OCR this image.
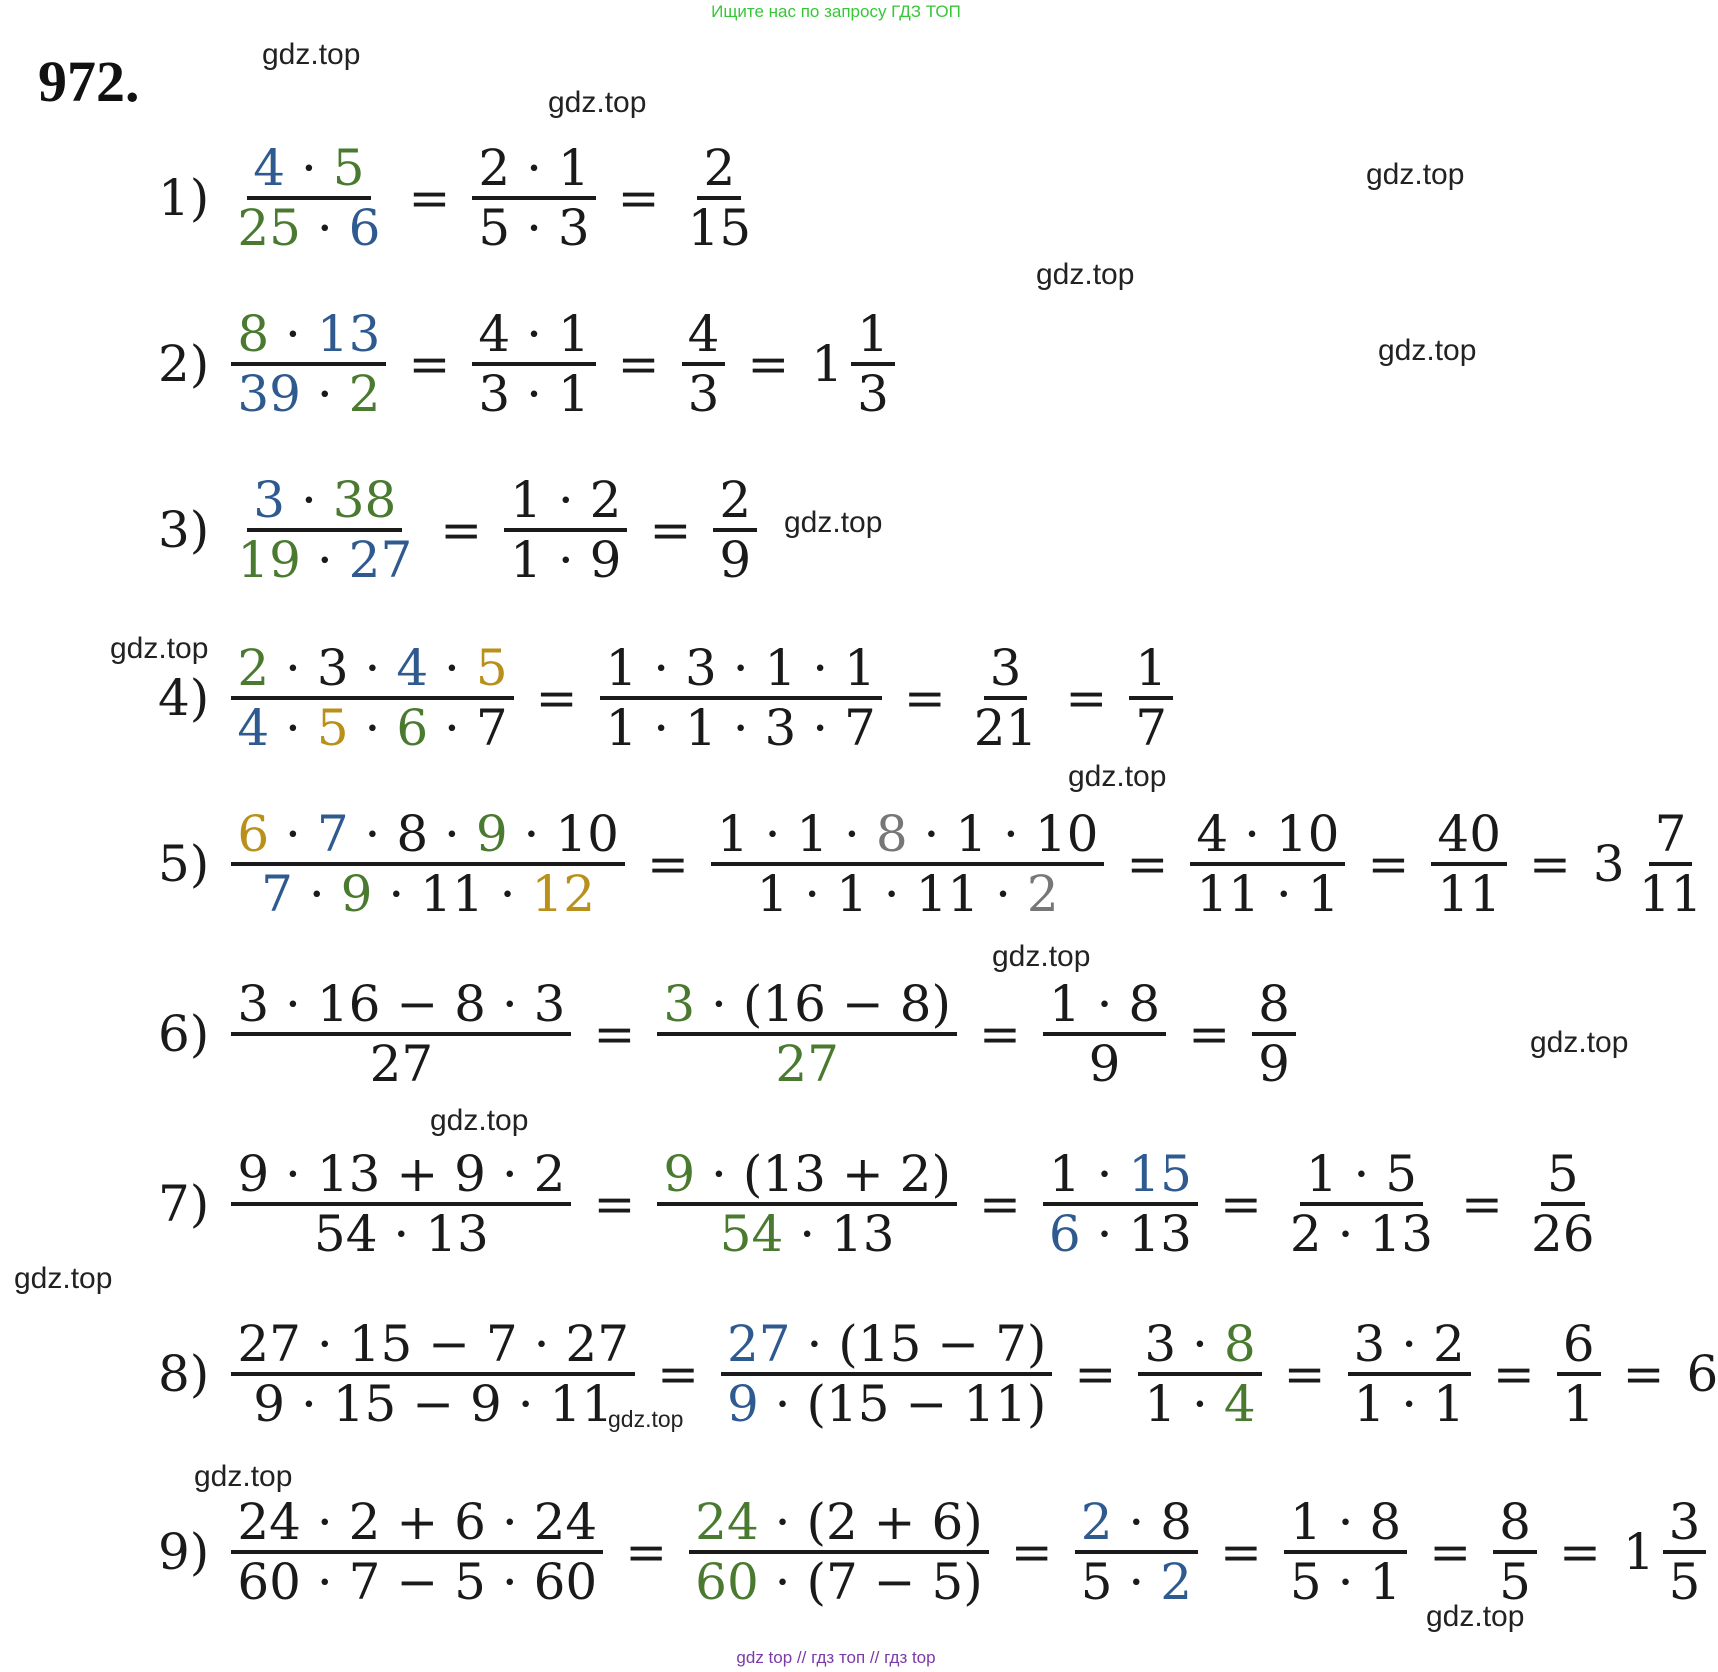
Ищите нас по запросу ГДЗ ТОП
972.	gdz.top
gdz.top
gdz.top
gdz.top
gdz.top
gdz.top
gdz.top
gdz.top
gdz.top
gdz.top
gdz.top
gdz.top
gdz.top
gdz.top
gdz.top
$1) \frac{4 \cdot 5}{25 \cdot 6} = \frac{2 \cdot 1}{5 \cdot 3} = \frac{2}{15}$
$2) \frac{8 \cdot 13}{39 \cdot 2} = \frac{4 \cdot 1}{3 \cdot 1} = \frac{4}{3} = 1 \frac{1}{3}$
$3) \frac{3 \cdot 38}{19 \cdot 27} = \frac{1 \cdot 2}{1 \cdot 9} = \frac{2}{9}$
$4) \frac{2 \cdot 3 \cdot 4 \cdot 5}{4 \cdot 5 \cdot 6 \cdot 7} = \frac{1 \cdot 3 \cdot 1 \cdot 1}{1 \cdot 1 \cdot 3 \cdot 7} = \frac{3}{21} = \frac{1}{7}$
$5) \frac{6 \cdot 7 \cdot 8 \cdot 9 \cdot 10}{7 \cdot 9 \cdot 11 \cdot 12} = \frac{1 \cdot 1 \cdot 8 \cdot 1 \cdot 10}{1 \cdot 1 \cdot 11 \cdot 2} = \frac{4 \cdot 10}{11 \cdot 1} = \frac{40}{11} = 3 \frac{7}{11}$
$6) \frac{3 \cdot 16 - 8 \cdot 3}{27} = \frac{3 \cdot (16 - 8)}{27} = \frac{1 \cdot 8}{9} = \frac{8}{9}$
$7) \frac{9 \cdot 13 + 9 \cdot 2}{54 \cdot 13} = \frac{9 \cdot (13 + 2)}{54 \cdot 13} = \frac{1 \cdot 15}{6 \cdot 13} = \frac{1 \cdot 5}{2 \cdot 13} = \frac{5}{26}$
$8) \frac{27 \cdot 15 - 7 \cdot 27}{9 \cdot 15 - 9 \cdot 11} = \frac{27 \cdot (15 - 7)}{9 \cdot (15 - 11)} = \frac{3 \cdot 8}{1 \cdot 4} = \frac{3 \cdot 2}{1 \cdot 1} = \frac{6}{1} = 6$
$9) \frac{24 \cdot 2 + 6 \cdot 24}{60 \cdot 7 - 5 \cdot 60} = \frac{24 \cdot (2 + 6)}{60 \cdot (7 - 5)} = \frac{2 \cdot 8}{5 \cdot 2} = \frac{1 \cdot 8}{5 \cdot 1} = \frac{8}{5} = 1 \frac{3}{5}$
gdz top // гдз топ // гдз top
